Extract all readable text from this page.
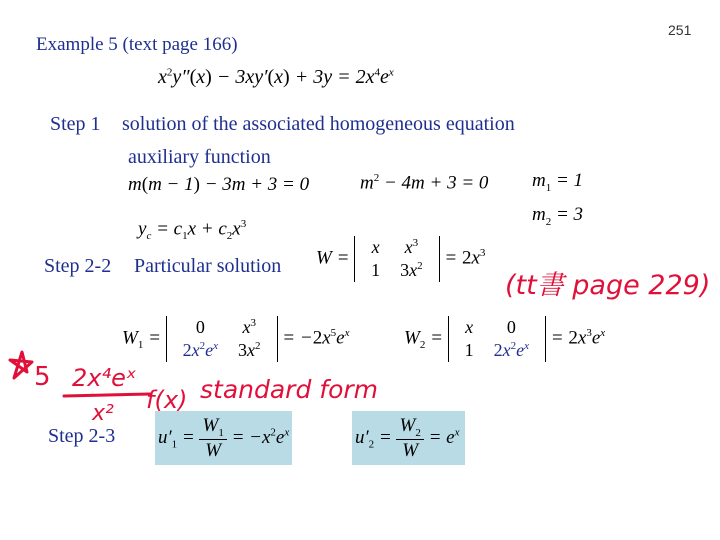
251
Example 5 (text page 166)
$x^2y''(x) - 3xy'(x) + 3y = 2x^4e^x$
Step 1 solution of the associated homogeneous equation
auxiliary function
m(m − 1) − 3m + 3 = 0	$m^2 - 4m + 3 = 0$ $m_1 = 1$
$m_2 = 3$
$y_c = c_1x + c_2x^3$
Step 2-2 Particular solution W =
x	$x^3$
1	$3x^2 = 2x^3$
$W_1$ =
0	$x^3$
$2x^2e^x$	$3x^2 = -2x^5e^x$	$W_2$ =
x	0
1	$2x^2e^x = 2x^3e^x$
Step 2-3 $u'_1 = \frac{W_1}{W} = -x^2e^x$	$u'_2 = \frac{W_2}{W} = e^x$
(tt書 page 229)
5 2x⁴eˣ
x² f(x) standard form
